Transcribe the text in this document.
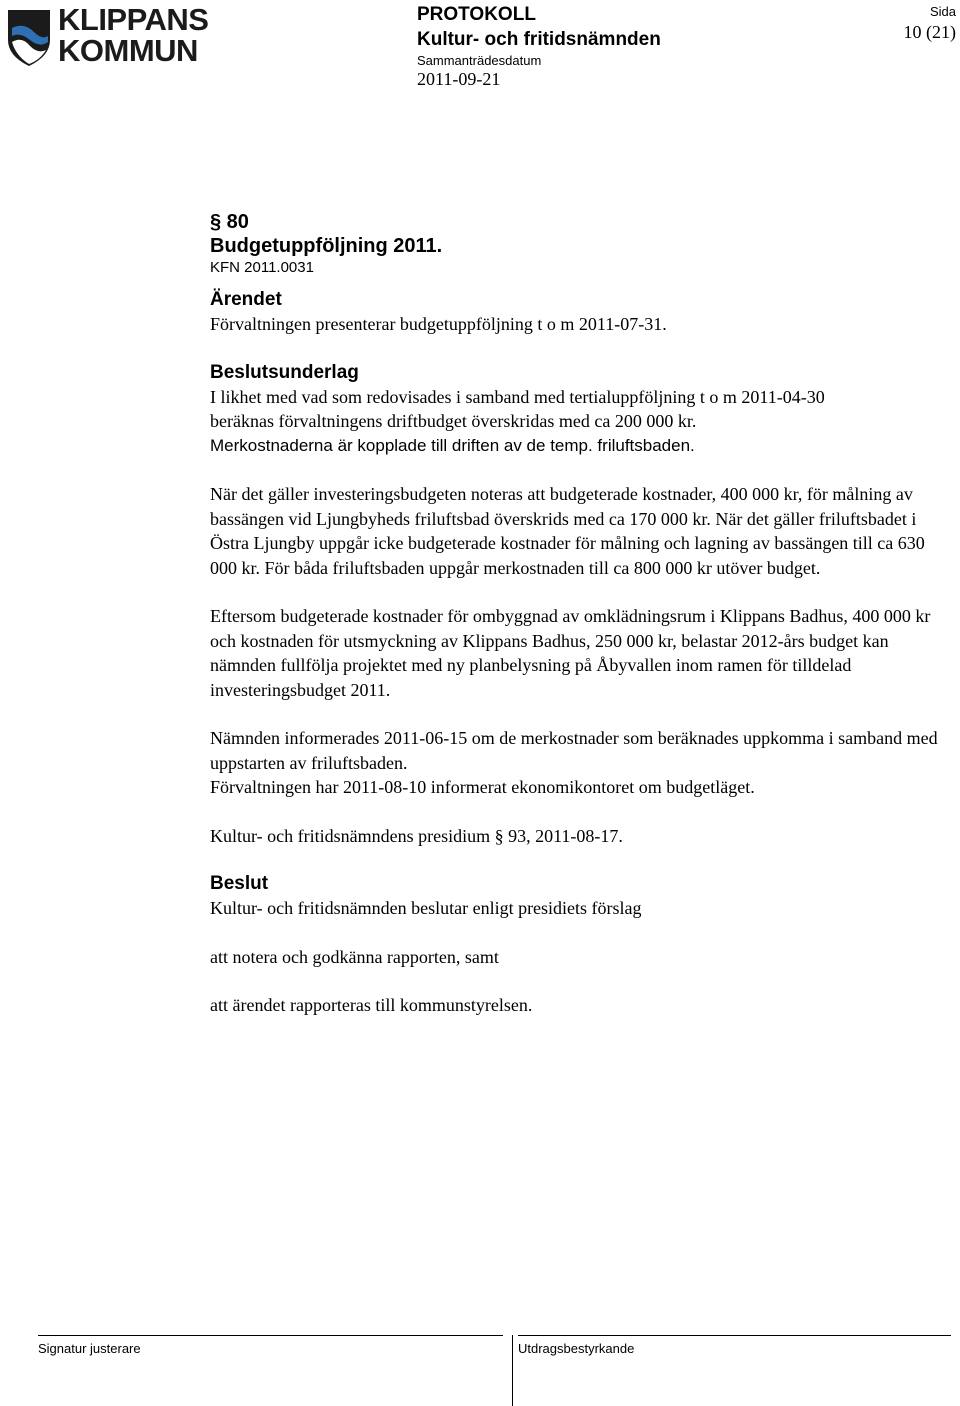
KLIPPANS
KOMMUN
PROTOKOLL
Kultur- och fritidsnämnden
Sammanträdesdatum
2011-09-21
Sida
10 (21)
§ 80
Budgetuppföljning 2011.
KFN 2011.0031
Ärendet

Förvaltningen presenterar budgetuppföljning t o m 2011-07-31.

Beslutsunderlag

I likhet med vad som redovisades i samband med tertialuppföljning t o m 2011-04-30

beräknas förvaltningens driftbudget överskridas med ca 200 000 kr.

Merkostnaderna är kopplade till driften av de temp. friluftsbaden.

När det gäller investeringsbudgeten noteras att budgeterade kostnader, 400 000 kr, för målning av bassängen vid Ljungbyheds friluftsbad överskrids med ca 170 000 kr. När det gäller friluftsbadet i Östra Ljungby uppgår icke budgeterade kostnader för målning och lagning av bassängen till ca 630 000 kr. För båda friluftsbaden uppgår merkostnaden till ca 800 000 kr utöver budget.

Eftersom budgeterade kostnader för ombyggnad av omklädningsrum i Klippans Badhus, 400 000 kr och kostnaden för utsmyckning av Klippans Badhus, 250 000 kr, belastar 2012-års budget kan nämnden fullfölja projektet med ny planbelysning på Åbyvallen inom ramen för tilldelad investeringsbudget 2011.

Nämnden informerades 2011-06-15 om de merkostnader som beräknades uppkomma i samband med uppstarten av friluftsbaden.

Förvaltningen har 2011-08-10 informerat ekonomikontoret om budgetläget.

Kultur- och fritidsnämndens presidium § 93, 2011-08-17.

Beslut

Kultur- och fritidsnämnden beslutar enligt presidiets förslag

att notera och godkänna rapporten, samt

att ärendet rapporteras till kommunstyrelsen.

Signatur justerare	Utdragsbestyrkande
